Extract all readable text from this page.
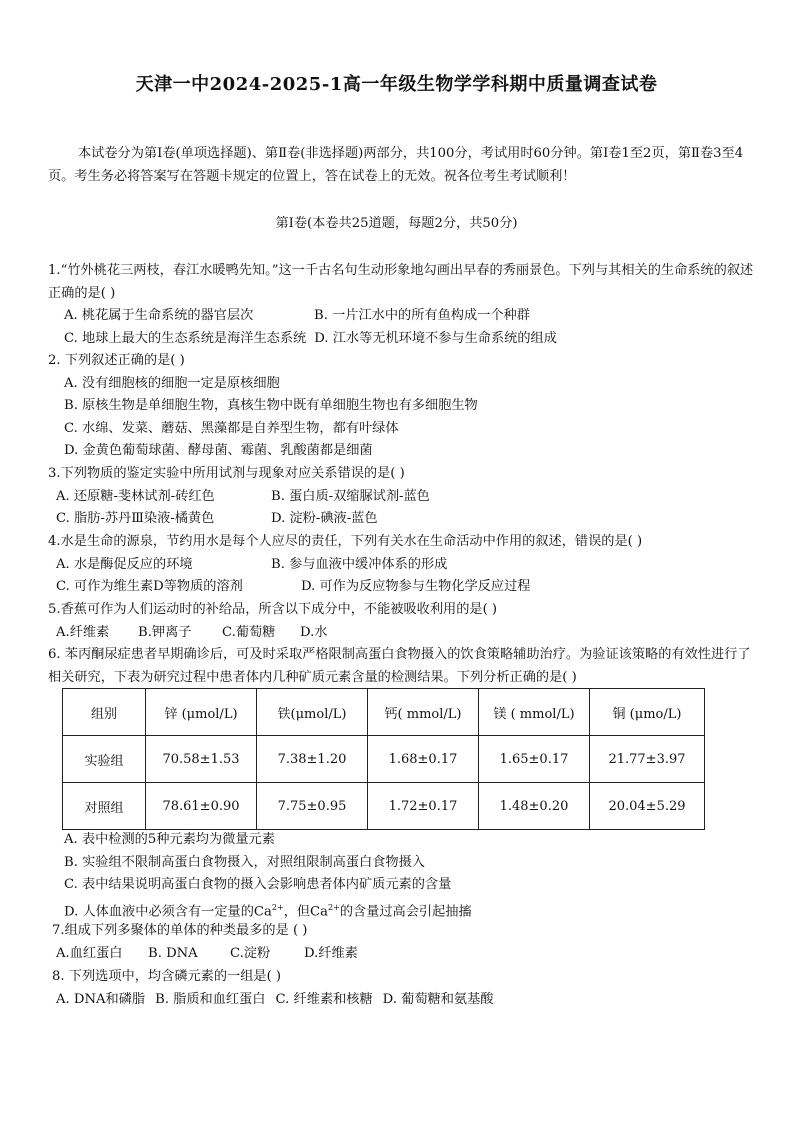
天津一中2024-2025-1高一年级生物学学科期中质量调查试卷
本试卷分为第Ⅰ卷(单项选择题)、第Ⅱ卷(非选择题)两部分，共100分，考试用时60分钟。第Ⅰ卷1至2页，第Ⅱ卷3至4页。考生务必将答案写在答题卡规定的位置上，答在试卷上的无效。祝各位考生考试顺利！
第Ⅰ卷(本卷共25道题，每题2分，共50分)
1.“竹外桃花三两枝，春江水暖鸭先知。”这一千古名句生动形象地勾画出早春的秀丽景色。下列与其相关的生命系统的叙述正确的是( )
A. 桃花属于生命系统的器官层次	B. 一片江水中的所有鱼构成一个种群
C. 地球上最大的生态系统是海洋生态系统 D. 江水等无机环境不参与生命系统的组成
2. 下列叙述正确的是( )
A. 没有细胞核的细胞一定是原核细胞
B. 原核生物是单细胞生物，真核生物中既有单细胞生物也有多细胞生物
C. 水绵、发菜、蘑菇、黑藻都是自养型生物，都有叶绿体
D. 金黄色葡萄球菌、酵母菌、霉菌、乳酸菌都是细菌
3.下列物质的鉴定实验中所用试剂与现象对应关系错误的是( )
A. 还原糖-斐林试剂-砖红色	B. 蛋白质-双缩脲试剂-蓝色
C. 脂肪-苏丹Ⅲ染液-橘黄色	D. 淀粉-碘液-蓝色
4.水是生命的源泉，节约用水是每个人应尽的责任，下列有关水在生命活动中作用的叙述，错误的是( )
A. 水是酶促反应的环境	B. 参与血液中缓冲体系的形成
C. 可作为维生素D等物质的溶剂	D. 可作为反应物参与生物化学反应过程
5.香蕉可作为人们运动时的补给品，所含以下成分中，不能被吸收利用的是( )
A.纤维素	B.钾离子	C.葡萄糖	D.水
6. 苯丙酮尿症患者早期确诊后，可及时采取严格限制高蛋白食物摄入的饮食策略辅助治疗。为验证该策略的有效性进行了相关研究，下表为研究过程中患者体内几种矿质元素含量的检测结果。下列分析正确的是( )
组别	锌 (μmol/L)	铁(μmol/L)	钙( mmol/L)	镁 ( mmol/L)	铜 (μmo/L)
实验组	70.58±1.53	7.38±1.20	1.68±0.17	1.65±0.17	21.77±3.97
对照组	78.61±0.90	7.75±0.95	1.72±0.17	1.48±0.20	20.04±5.29
A. 表中检测的5种元素均为微量元素
B. 实验组不限制高蛋白食物摄入，对照组限制高蛋白食物摄入
C. 表中结果说明高蛋白食物的摄入会影响患者体内矿质元素的含量
D. 人体血液中必须含有一定量的$Ca^{2+}$，但$Ca^{2+}$的含量过高会引起抽搐
7.组成下列多聚体的单体的种类最多的是 ( )
A.血红蛋白	B. DNA	C.淀粉	D.纤维素
8. 下列选项中，均含磷元素的一组是( )
A. DNA和磷脂 B. 脂质和血红蛋白 C. 纤维素和核糖 D. 葡萄糖和氨基酸
